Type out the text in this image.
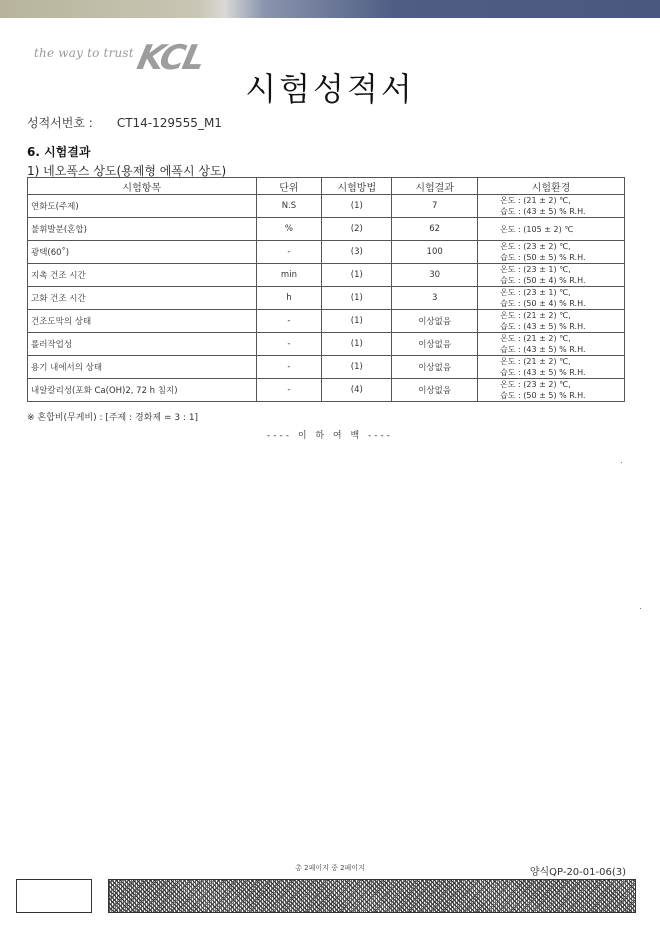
the way to trust KCL
시험성적서
성적서번호 : CT14-129555_M1
6. 시험결과
1) 네오폭스 상도(용제형 에폭시 상도)
시험항목	단위	시험방법	시험결과	시험환경
연화도(주제)	N.S	(1)	7	온도 : (21 ± 2) ℃,
습도 : (43 ± 5) % R.H.

불휘발분(혼합)	%	(2)	62	온도 : (105 ± 2) ℃

광택(60˚)	-	(3)	100	온도 : (23 ± 2) ℃,
습도 : (50 ± 5) % R.H.

지촉 건조 시간	min	(1)	30	온도 : (23 ± 1) ℃,
습도 : (50 ± 4) % R.H.

고화 건조 시간	h	(1)	3	온도 : (23 ± 1) ℃,
습도 : (50 ± 4) % R.H.

건조도막의 상태	-	(1)	이상없음	온도 : (21 ± 2) ℃,
습도 : (43 ± 5) % R.H.

롤러작업성	-	(1)	이상없음	온도 : (21 ± 2) ℃,
습도 : (43 ± 5) % R.H.

용기 내에서의 상태	-	(1)	이상없음	온도 : (21 ± 2) ℃,
습도 : (43 ± 5) % R.H.

내알칼리성(포화 Ca(OH)2, 72 h 침지)	-	(4)	이상없음	온도 : (23 ± 2) ℃,
습도 : (50 ± 5) % R.H.
※ 혼합비(무게비) : [주제 : 경화제 = 3 : 1]
---- 이 하 여 백 ----
총 2페이지 중 2페이지	양식QP-20-01-06(3)
